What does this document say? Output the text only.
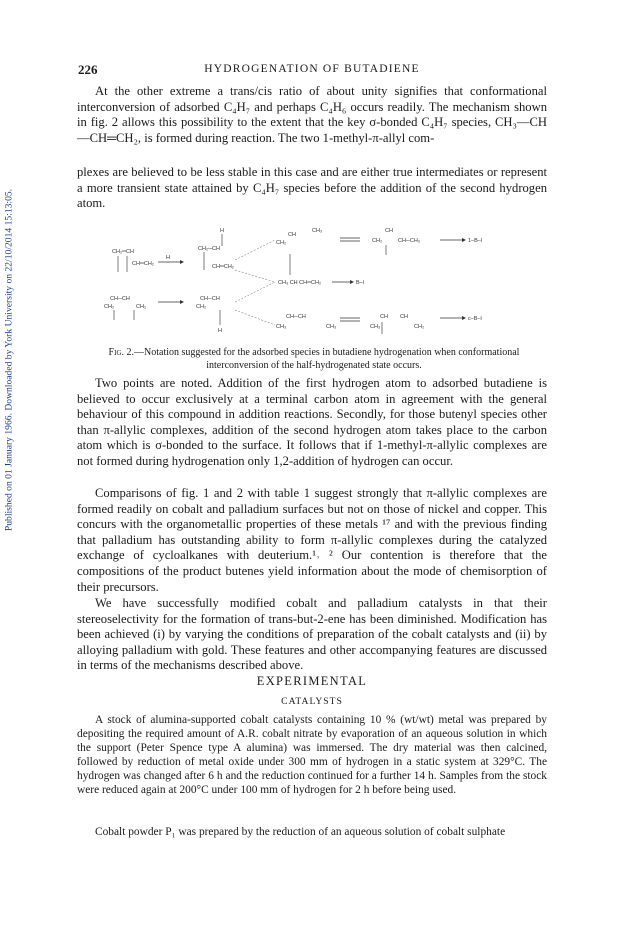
Published on 01 January 1966. Downloaded by York University on 22/10/2014 15:13:05.
226	HYDROGENATION OF BUTADIENE

At the other extreme a trans/cis ratio of about unity signifies that conformational interconversion of adsorbed C₄H₇ and perhaps C₄H₆ occurs readily. The mechanism shown in fig. 2 allows this possibility to the extent that the key σ-bonded C₄H₇ species, CH₃—CH—CH═CH₂, is formed during reaction. The two 1-methyl-π-allyl com-

plexes are believed to be less stable in this case and are either true intermediates or represent a more transient state attained by C₄H₇ species before the addition of the second hydrogen atom.

CH₂═CH
CH═CH₂
CH─CH
CH₂	CH₂
H
CH₂─CH
CH═CH₂
H
CH─CH
CH₂
H
CH
CH₃
CH₂
CH
CH₂	CH─CH₃	1–B–l
CH₃ CH CH═CH₂	B–l
CH─CH
CH₃	CH₃
CH CH
CH₃	CH₂
c–B–l
Fig. 2.—Notation suggested for the adsorbed species in butadiene hydrogenation when conformational interconversion of the half-hydrogenated state occurs.

Two points are noted. Addition of the first hydrogen atom to adsorbed butadiene is believed to occur exclusively at a terminal carbon atom in agreement with the general behaviour of this compound in addition reactions. Secondly, for those butenyl species other than π-allylic complexes, addition of the second hydrogen atom takes place to the carbon atom which is σ-bonded to the surface. It follows that if 1-methyl-π-allylic complexes are not formed during hydrogenation only 1,2-addition of hydrogen can occur.

Comparisons of fig. 1 and 2 with table 1 suggest strongly that π-allylic complexes are formed readily on cobalt and palladium surfaces but not on those of nickel and copper. This concurs with the organometallic properties of these metals ¹⁷ and with the previous finding that palladium has outstanding ability to form π-allylic complexes during the catalyzed exchange of cycloalkanes with deuterium.¹˒ ² Our contention is therefore that the compositions of the product butenes yield information about the mode of chemisorption of their precursors.

We have successfully modified cobalt and palladium catalysts in that their stereoselectivity for the formation of trans-but-2-ene has been diminished. Modification has been achieved (i) by varying the conditions of preparation of the cobalt catalysts and (ii) by alloying palladium with gold. These features and other accompanying features are discussed in terms of the mechanisms described above.

EXPERIMENTAL
CATALYSTS

A stock of alumina-supported cobalt catalysts containing 10 % (wt/wt) metal was prepared by depositing the required amount of A.R. cobalt nitrate by evaporation of an aqueous solution in which the support (Peter Spence type A alumina) was immersed. The dry material was then calcined, followed by reduction of metal oxide under 300 mm of hydrogen in a static system at 329°C. The hydrogen was changed after 6 h and the reduction continued for a further 14 h. Samples from the stock were reduced again at 200°C under 100 mm of hydrogen for 2 h before being used.

Cobalt powder P₁ was prepared by the reduction of an aqueous solution of cobalt sulphate
